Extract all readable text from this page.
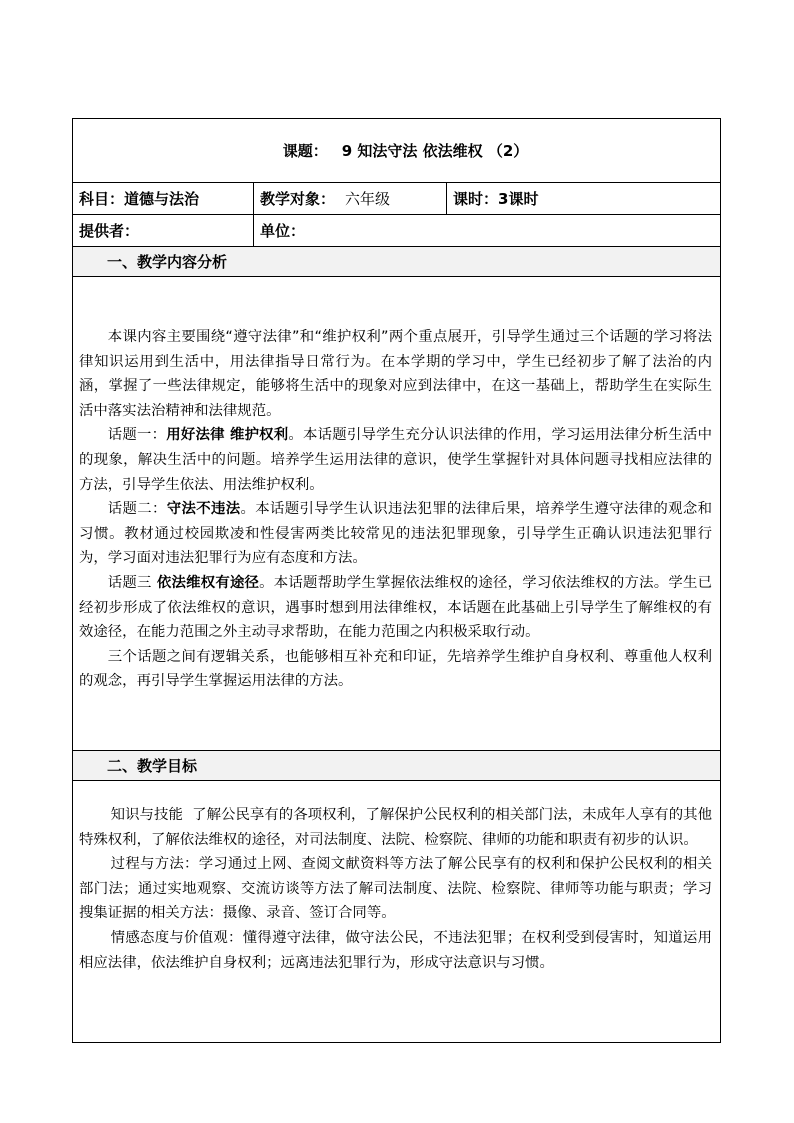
课题： 9 知法守法 依法维权 （2）		
科目：道德与法治	教学对象： 六年级	课时：3课时
提供者：	单位：	
一、教学内容分析		

本课内容主要围绕“遵守法律”和“维护权利”两个重点展开，引导学生通过三个话题的学习将法律知识运用到生活中，用法律指导日常行为。在本学期的学习中，学生已经初步了解了法治的内涵，掌握了一些法律规定，能够将生活中的现象对应到法律中，在这一基础上，帮助学生在实际生活中落实法治精神和法律规范。

话题一：用好法律 维护权利。本话题引导学生充分认识法律的作用，学习运用法律分析生活中的现象，解决生活中的问题。培养学生运用法律的意识，使学生掌握针对具体问题寻找相应法律的方法，引导学生依法、用法维护权利。

话题二：守法不违法。本话题引导学生认识违法犯罪的法律后果，培养学生遵守法律的观念和习惯。教材通过校园欺凌和性侵害两类比较常见的违法犯罪现象，引导学生正确认识违法犯罪行为，学习面对违法犯罪行为应有态度和方法。

话题三 依法维权有途径。本话题帮助学生掌握依法维权的途径，学习依法维权的方法。学生已经初步形成了依法维权的意识，遇事时想到用法律维权，本话题在此基础上引导学生了解维权的有效途径，在能力范围之外主动寻求帮助，在能力范围之内积极采取行动。

三个话题之间有逻辑关系，也能够相互补充和印证，先培养学生维护自身权利、尊重他人权利的观念，再引导学生掌握运用法律的方法。		

二、教学目标		

知识与技能  了解公民享有的各项权利，了解保护公民权利的相关部门法，未成年人享有的其他特殊权利，了解依法维权的途径，对司法制度、法院、检察院、律师的功能和职责有初步的认识。

过程与方法：学习通过上网、查阅文献资料等方法了解公民享有的权利和保护公民权利的相关部门法；通过实地观察、交流访谈等方法了解司法制度、法院、检察院、律师等功能与职责；学习搜集证据的相关方法：摄像、录音、签订合同等。

情感态度与价值观：懂得遵守法律，做守法公民，不违法犯罪；在权利受到侵害时，知道运用相应法律，依法维护自身权利；远离违法犯罪行为，形成守法意识与习惯。		
